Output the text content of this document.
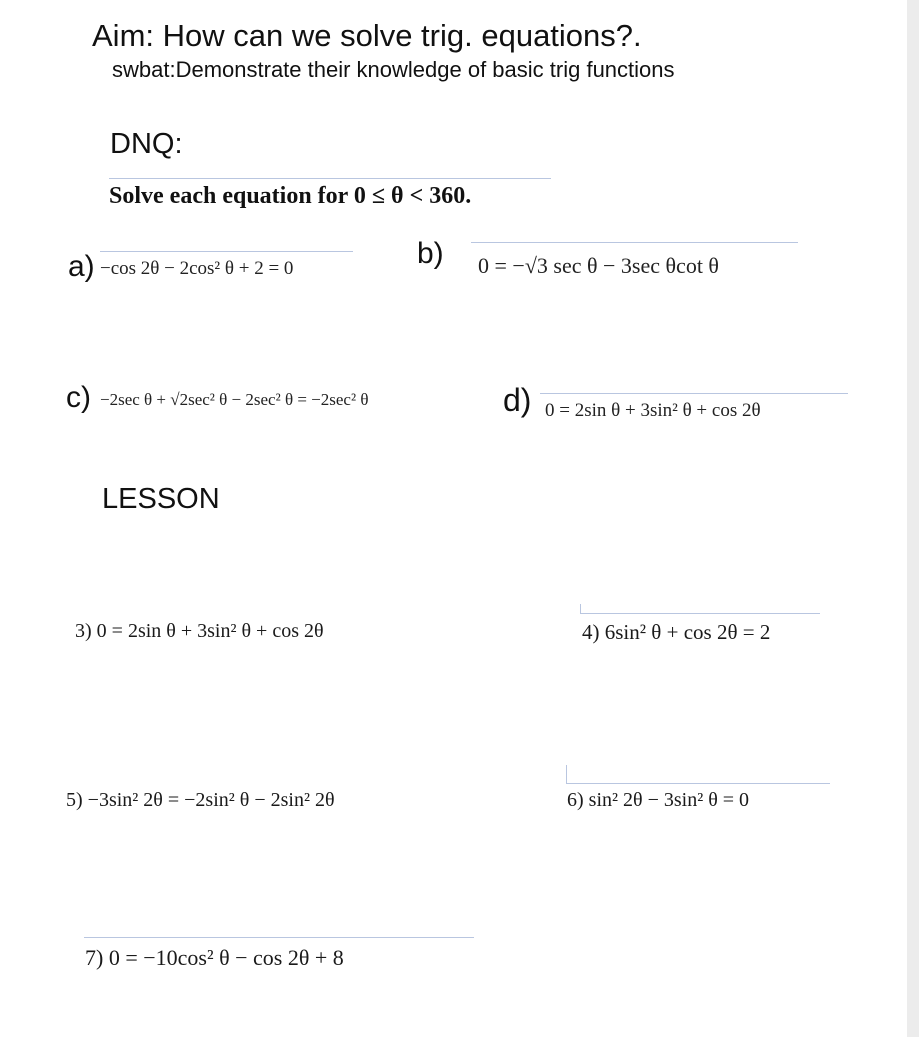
Aim: How can we solve trig. equations?.
swbat:Demonstrate their knowledge of basic trig functions
DNQ:
Solve each equation for 0 ≤ θ < 360.
a) −cos 2θ − 2cos² θ + 2 = 0	b) 0 = −√3 sec θ − 3sec θcot θ
c) −2sec θ + √2sec² θ − 2sec² θ = −2sec² θ	d) 0 = 2sin θ + 3sin² θ + cos 2θ
LESSON
3) 0 = 2sin θ + 3sin² θ + cos 2θ	4) 6sin² θ + cos 2θ = 2
5) −3sin² 2θ = −2sin² θ − 2sin² 2θ	6) sin² 2θ − 3sin² θ = 0
7) 0 = −10cos² θ − cos 2θ + 8
